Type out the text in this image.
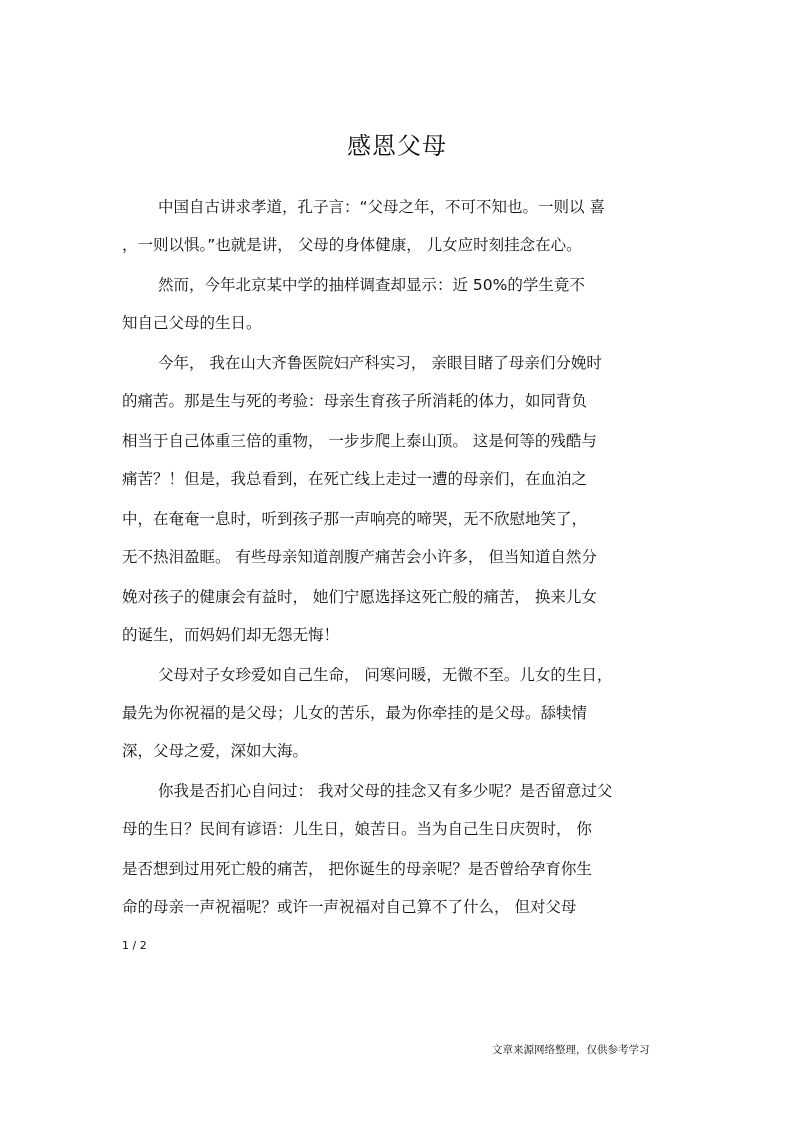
感恩父母
中国自古讲求孝道，孔子言：“父母之年，不可不知也。一则以 喜
，一则以惧。”也就是讲， 父母的身体健康， 儿女应时刻挂念在心。
然而，今年北京某中学的抽样调查却显示：近 50%的学生竟不
知自己父母的生日。
今年， 我在山大齐鲁医院妇产科实习， 亲眼目睹了母亲们分娩时
的痛苦。那是生与死的考验：母亲生育孩子所消耗的体力，如同背负
相当于自己体重三倍的重物， 一步步爬上泰山顶。 这是何等的残酷与
痛苦？！但是，我总看到，在死亡线上走过一遭的母亲们，在血泊之
中，在奄奄一息时，听到孩子那一声响亮的啼哭，无不欣慰地笑了，
无不热泪盈眶。 有些母亲知道剖腹产痛苦会小许多， 但当知道自然分
娩对孩子的健康会有益时， 她们宁愿选择这死亡般的痛苦， 换来儿女
的诞生，而妈妈们却无怨无悔！
父母对子女珍爱如自己生命， 问寒问暖，无微不至。儿女的生日，
最先为你祝福的是父母；儿女的苦乐，最为你牵挂的是父母。舔犊情
深，父母之爱，深如大海。
你我是否扪心自问过： 我对父母的挂念又有多少呢？是否留意过父
母的生日？民间有谚语：儿生日，娘苦日。当为自己生日庆贺时， 你
是否想到过用死亡般的痛苦， 把你诞生的母亲呢？是否曾给孕育你生
命的母亲一声祝福呢？或许一声祝福对自己算不了什么， 但对父母
1 / 2
文章来源网络整理，仅供参考学习
